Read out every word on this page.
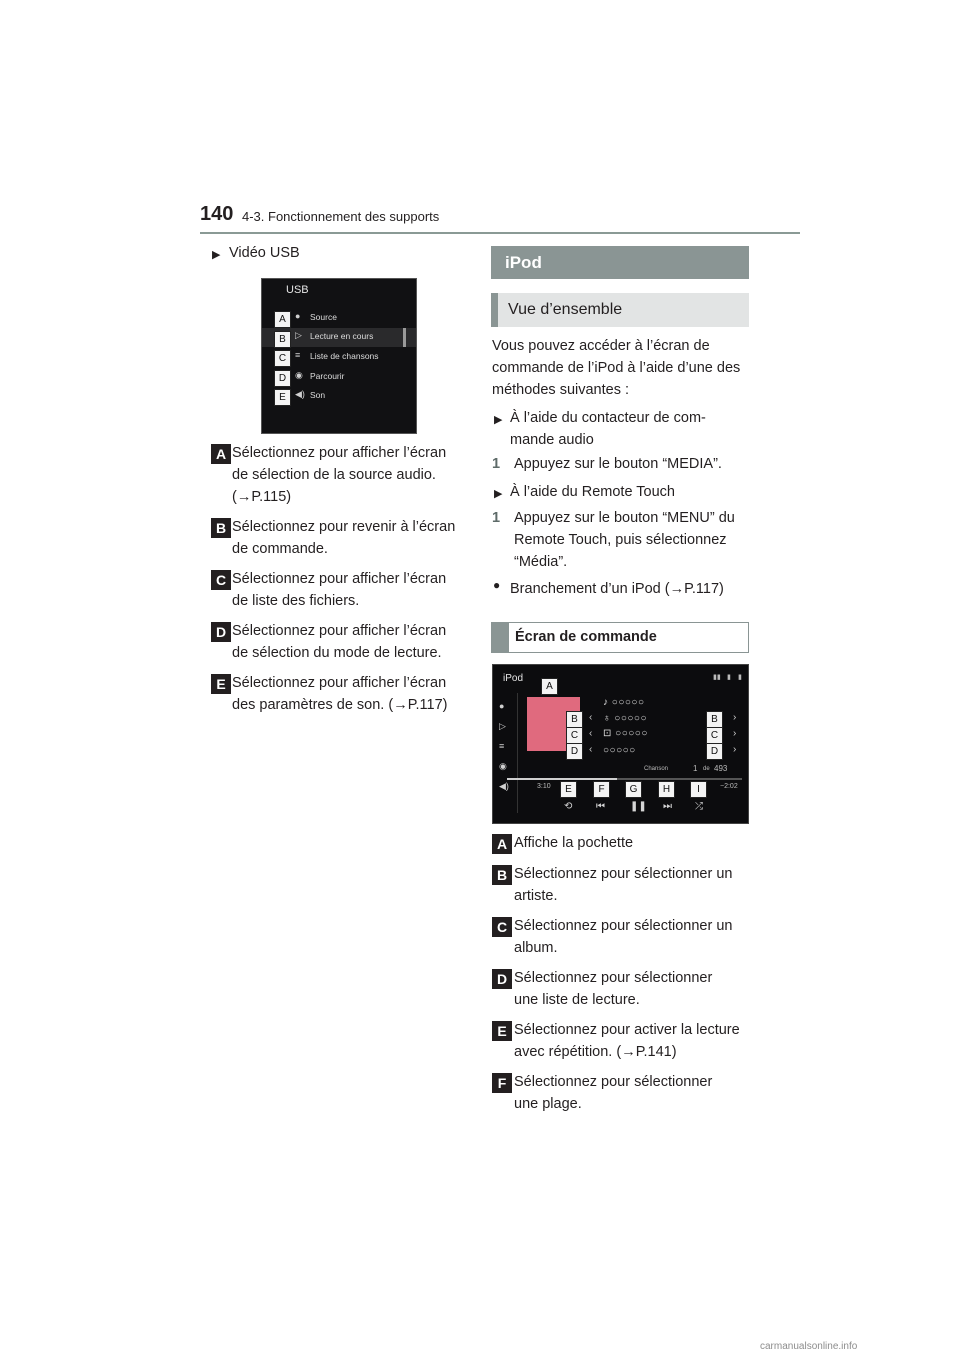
140 4-3. Fonctionnement des supports
▶ Vidéo USB
USB
● Source
▷ Lecture en cours
≡ Liste de chansons
◉ Parcourir
◀) Son
A
B
C
D
E
A Sélectionnez pour afficher l’écran
de sélection de la source audio.
(→P.115)
B Sélectionnez pour revenir à l’écran
de commande.
C Sélectionnez pour afficher l’écran
de liste des fichiers.
D Sélectionnez pour afficher l’écran
de sélection du mode de lecture.
E Sélectionnez pour afficher l’écran
des paramètres de son. (→P.117)
iPod
Vue d’ensemble
Vous pouvez accéder à l’écran de
commande de l’iPod à l’aide d’une des
méthodes suivantes :
▶ À l’aide du contacteur de com-
mande audio
1 Appuyez sur le bouton “MEDIA”.
▶ À l’aide du Remote Touch
1 Appuyez sur le bouton “MENU” du
Remote Touch, puis sélectionnez
“Média”.
● Branchement d’un iPod (→P.117)
Écran de commande
iPod	▮▮ ▮ ▮
●
▷
≡
◉
◀)
‹
‹
‹
♪ ○○○○○
♁ ○○○○○
⊡ ○○○○○
○○○○○
›
›
›
Chanson	1 de 493
3:10	−2:02
⟲ ⏮	❚❚ ⏭ ⤮
A
B
C
D
B
C
D
E	F	G	H	I
A Affiche la pochette
B Sélectionnez pour sélectionner un
artiste.
C Sélectionnez pour sélectionner un
album.
D Sélectionnez pour sélectionner
une liste de lecture.
E Sélectionnez pour activer la lecture
avec répétition. (→P.141)
F Sélectionnez pour sélectionner
une plage.
carmanualsonline.info
